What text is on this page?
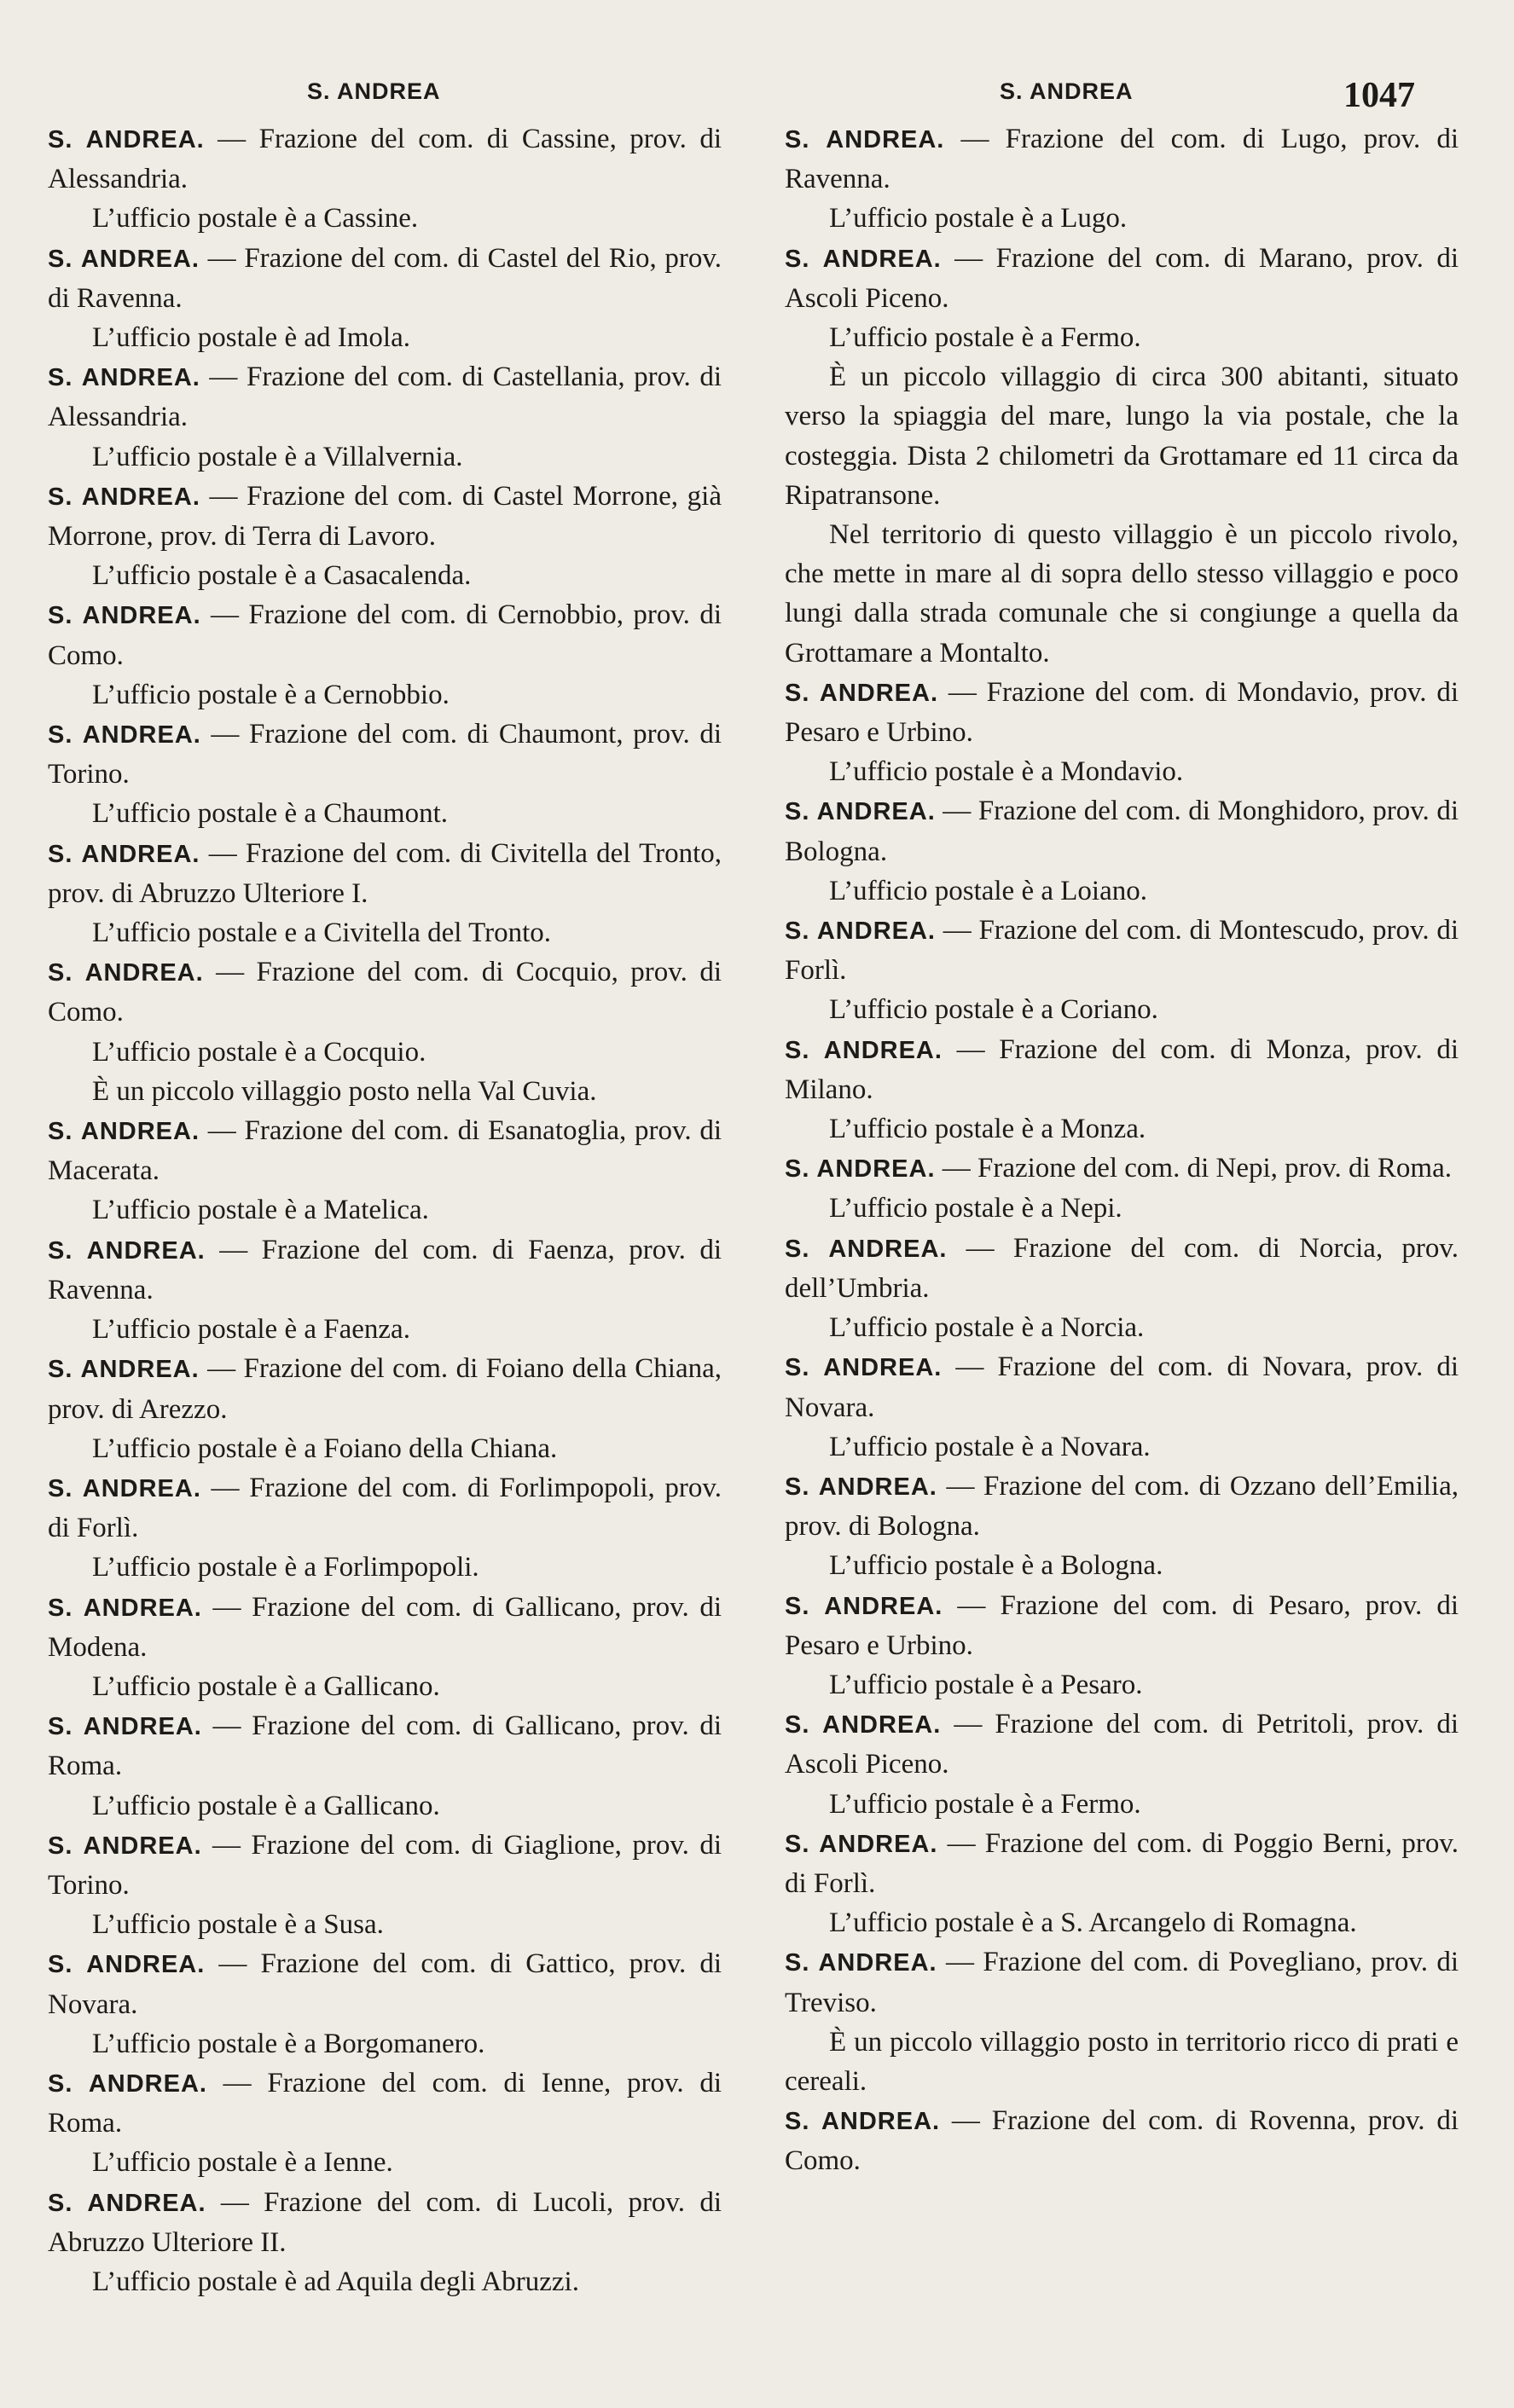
S. ANDREA	S. ANDREA	1047

S. ANDREA. — Frazione del com. di Cassine, prov. di Alessandria.

L’ufficio postale è a Cassine.

S. ANDREA. — Frazione del com. di Castel del Rio, prov. di Ravenna.

L’ufficio postale è ad Imola.

S. ANDREA. — Frazione del com. di Castellania, prov. di Alessandria.

L’ufficio postale è a Villalvernia.

S. ANDREA. — Frazione del com. di Castel Morrone, già Morrone, prov. di Terra di Lavoro.

L’ufficio postale è a Casacalenda.

S. ANDREA. — Frazione del com. di Cernobbio, prov. di Como.

L’ufficio postale è a Cernobbio.

S. ANDREA. — Frazione del com. di Chaumont, prov. di Torino.

L’ufficio postale è a Chaumont.

S. ANDREA. — Frazione del com. di Civitella del Tronto, prov. di Abruzzo Ulteriore I.

L’ufficio postale e a Civitella del Tronto.

S. ANDREA. — Frazione del com. di Cocquio, prov. di Como.

L’ufficio postale è a Cocquio.

È un piccolo villaggio posto nella Val Cuvia.

S. ANDREA. — Frazione del com. di Esanatoglia, prov. di Macerata.

L’ufficio postale è a Matelica.

S. ANDREA. — Frazione del com. di Faenza, prov. di Ravenna.

L’ufficio postale è a Faenza.

S. ANDREA. — Frazione del com. di Foiano della Chiana, prov. di Arezzo.

L’ufficio postale è a Foiano della Chiana.

S. ANDREA. — Frazione del com. di Forlimpopoli, prov. di Forlì.

L’ufficio postale è a Forlimpopoli.

S. ANDREA. — Frazione del com. di Gallicano, prov. di Modena.

L’ufficio postale è a Gallicano.

S. ANDREA. — Frazione del com. di Gallicano, prov. di Roma.

L’ufficio postale è a Gallicano.

S. ANDREA. — Frazione del com. di Giaglione, prov. di Torino.

L’ufficio postale è a Susa.

S. ANDREA. — Frazione del com. di Gattico, prov. di Novara.

L’ufficio postale è a Borgomanero.

S. ANDREA. — Frazione del com. di Ienne, prov. di Roma.

L’ufficio postale è a Ienne.

S. ANDREA. — Frazione del com. di Lucoli, prov. di Abruzzo Ulteriore II.

L’ufficio postale è ad Aquila degli Abruzzi.

S. ANDREA. — Frazione del com. di Lugo, prov. di Ravenna.

L’ufficio postale è a Lugo.

S. ANDREA. — Frazione del com. di Marano, prov. di Ascoli Piceno.

L’ufficio postale è a Fermo.

È un piccolo villaggio di circa 300 abitanti, situato verso la spiaggia del mare, lungo la via postale, che la costeggia. Dista 2 chilometri da Grottamare ed 11 circa da Ripatransone.

Nel territorio di questo villaggio è un piccolo rivolo, che mette in mare al di sopra dello stesso villaggio e poco lungi dalla strada comunale che si congiunge a quella da Grottamare a Montalto.

S. ANDREA. — Frazione del com. di Mondavio, prov. di Pesaro e Urbino.

L’ufficio postale è a Mondavio.

S. ANDREA. — Frazione del com. di Monghidoro, prov. di Bologna.

L’ufficio postale è a Loiano.

S. ANDREA. — Frazione del com. di Montescudo, prov. di Forlì.

L’ufficio postale è a Coriano.

S. ANDREA. — Frazione del com. di Monza, prov. di Milano.

L’ufficio postale è a Monza.

S. ANDREA. — Frazione del com. di Nepi, prov. di Roma.

L’ufficio postale è a Nepi.

S. ANDREA. — Frazione del com. di Norcia, prov. dell’Umbria.

L’ufficio postale è a Norcia.

S. ANDREA. — Frazione del com. di Novara, prov. di Novara.

L’ufficio postale è a Novara.

S. ANDREA. — Frazione del com. di Ozzano dell’Emilia, prov. di Bologna.

L’ufficio postale è a Bologna.

S. ANDREA. — Frazione del com. di Pesaro, prov. di Pesaro e Urbino.

L’ufficio postale è a Pesaro.

S. ANDREA. — Frazione del com. di Petritoli, prov. di Ascoli Piceno.

L’ufficio postale è a Fermo.

S. ANDREA. — Frazione del com. di Poggio Berni, prov. di Forlì.

L’ufficio postale è a S. Arcangelo di Romagna.

S. ANDREA. — Frazione del com. di Povegliano, prov. di Treviso.

È un piccolo villaggio posto in territorio ricco di prati e cereali.

S. ANDREA. — Frazione del com. di Rovenna, prov. di Como.
